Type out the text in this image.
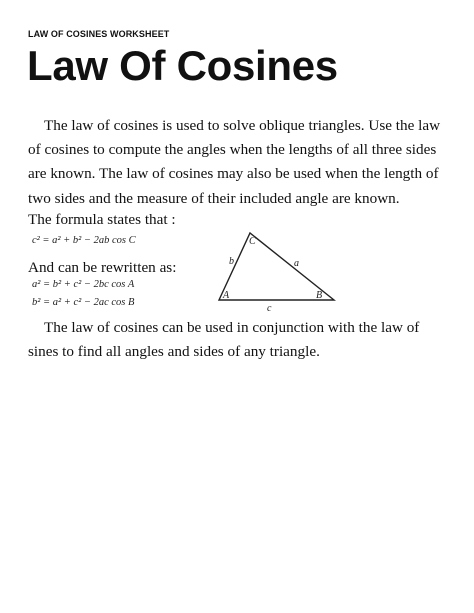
LAW OF COSINES WORKSHEET

Law Of Cosines

The law of cosines is used to solve oblique triangles. Use the law of cosines to compute the angles when the lengths of all three sides are known. The law of cosines may also be used when the length of two sides and the measure of their included angle are known.

The formula states that :

c² = a² + b² − 2ab cos C

And can be rewritten as:

a² = b² + c² − 2bc cos A

b² = a² + c² − 2ac cos B

A	B
C
a
b
c

The law of cosines can be used in conjunction with the law of sines to find all angles and sides of any triangle.
